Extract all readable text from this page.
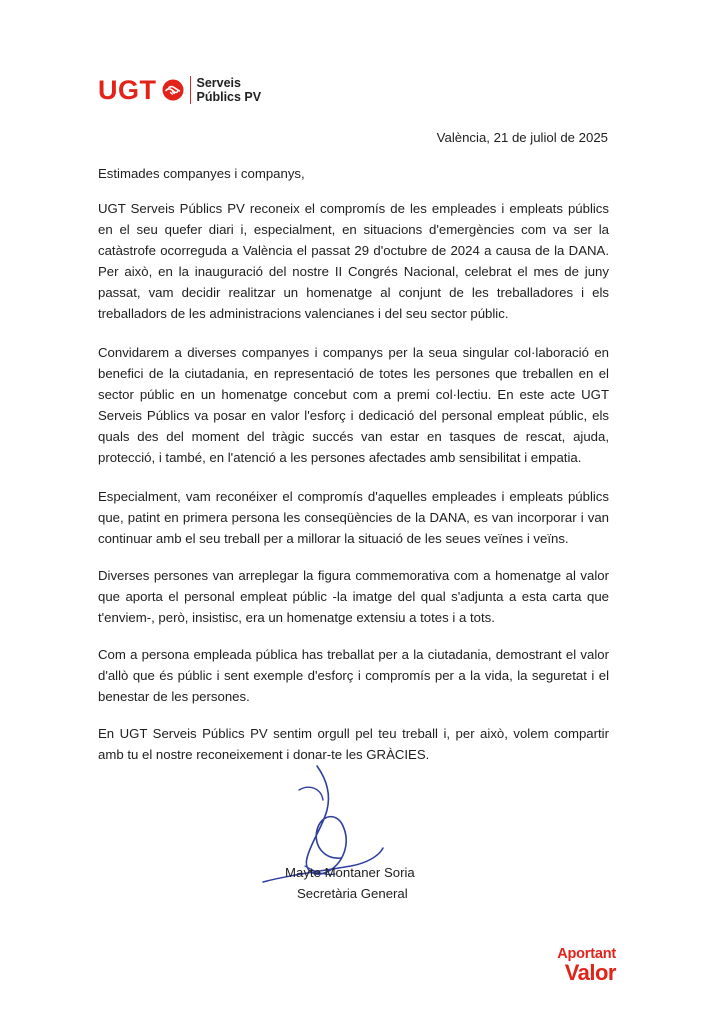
UGT	Serveis
Públics PV
València, 21 de juliol de 2025
Estimades companyes i companys,
UGT Serveis Públics PV reconeix el compromís de les empleades i empleats públics en el seu quefer diari i, especialment, en situacions d'emergències com va ser la catàstrofe ocorreguda a València el passat 29 d'octubre de 2024 a causa de la DANA. Per això, en la inauguració del nostre II Congrés Nacional, celebrat el mes de juny passat, vam decidir realitzar un homenatge al conjunt de les treballadores i els treballadors de les administracions valencianes i del seu sector públic.
Convidarem a diverses companyes i companys per la seua singular col·laboració en benefici de la ciutadania, en representació de totes les persones que treballen en el sector públic en un homenatge concebut com a premi col·lectiu. En este acte UGT Serveis Públics va posar en valor l'esforç i dedicació del personal empleat públic, els quals des del moment del tràgic succés van estar en tasques de rescat, ajuda, protecció, i també, en l'atenció a les persones afectades amb sensibilitat i empatia.
Especialment, vam reconéixer el compromís d'aquelles empleades i empleats públics que, patint en primera persona les conseqüències de la DANA, es van incorporar i van continuar amb el seu treball per a millorar la situació de les seues veïnes i veïns.
Diverses persones van arreplegar la figura commemorativa com a homenatge al valor que aporta el personal empleat públic -la imatge del qual s'adjunta a esta carta que t'enviem-, però, insistisc, era un homenatge extensiu a totes i a tots.
Com a persona empleada pública has treballat per a la ciutadania, demostrant el valor d'allò que és públic i sent exemple d'esforç i compromís per a la vida, la seguretat i el benestar de les persones.
En UGT Serveis Públics PV sentim orgull pel teu treball i, per això, volem compartir amb tu el nostre reconeixement i donar-te les GRÀCIES.
Mayte Montaner Soria
Secretària General
Aportant
Valor
